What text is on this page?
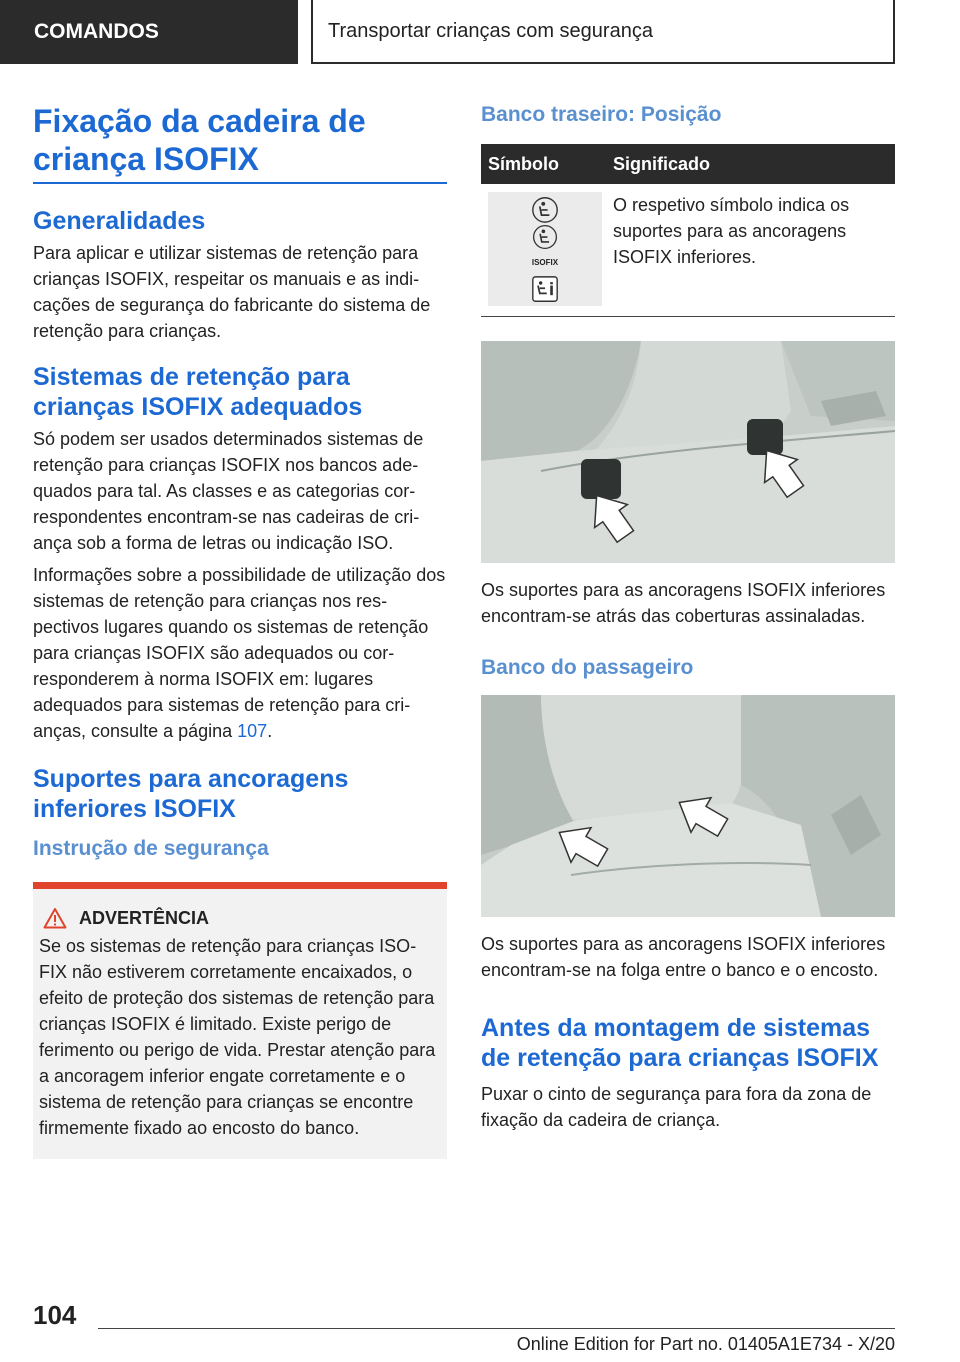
COMANDOS	Transportar crianças com segurança
Fixação da cadeira de criança ISOFIX
Generalidades

Para aplicar e utilizar sistemas de retenção para crianças ISOFIX, respeitar os manuais e as indicações de segurança do fabricante do sistema de retenção para crianças.

Sistemas de retenção para crianças ISOFIX adequados

Só podem ser usados determinados sistemas de retenção para crianças ISOFIX nos bancos adequados para tal. As classes e as categorias correspondentes encontram-se nas cadeiras de criança sob a forma de letras ou indicação ISO.

Informações sobre a possibilidade de utilização dos sistemas de retenção para crianças nos respectivos lugares quando os sistemas de retenção para crianças ISOFIX são adequados ou corresponderem à norma ISOFIX em: lugares adequados para sistemas de retenção para crianças, consulte a página 107.

Suportes para ancoragens inferiores ISOFIX
Instrução de segurança
ADVERTÊNCIA

Se os sistemas de retenção para crianças ISOFIX não estiverem corretamente encaixados, o efeito de proteção dos sistemas de retenção para crianças ISOFIX é limitado. Existe perigo de ferimento ou perigo de vida. Prestar atenção para a ancoragem inferior engate corretamente e o sistema de retenção para crianças se encontre firmemente fixado ao encosto do banco.

Banco traseiro: Posição
Símbolo	Significado

ISOFIX	O respetivo símbolo indica os suportes para as ancoragens ISOFIX inferiores.

Os suportes para as ancoragens ISOFIX inferiores encontram-se atrás das coberturas assinaladas.

Banco do passageiro

Os suportes para as ancoragens ISOFIX inferiores encontram-se na folga entre o banco e o encosto.

Antes da montagem de sistemas de retenção para crianças ISOFIX

Puxar o cinto de segurança para fora da zona de fixação da cadeira de criança.

104
Online Edition for Part no. 01405A1E734 - X/20
